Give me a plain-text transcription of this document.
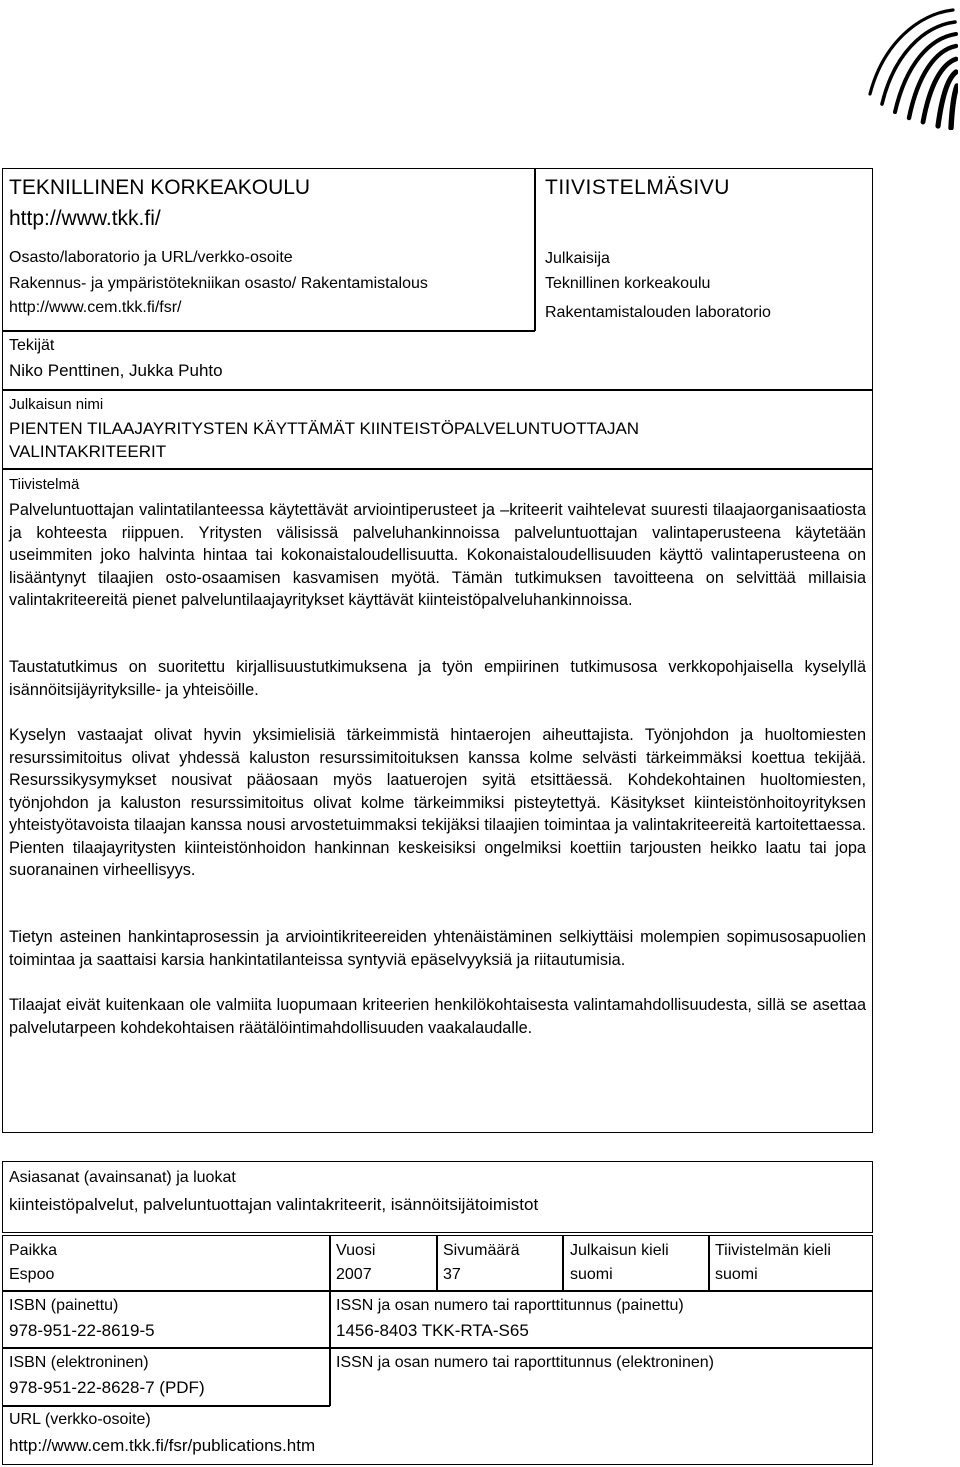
TEKNILLINEN KORKEAKOULU
http://www.tkk.fi/
Osasto/laboratorio ja URL/verkko-osoite
Rakennus- ja ympäristötekniikan osasto/ Rakentamistalous
http://www.cem.tkk.fi/fsr/
TIIVISTELMÄSIVU
Julkaisija
Teknillinen korkeakoulu
Rakentamistalouden laboratorio
Tekijät
Niko Penttinen, Jukka Puhto
Julkaisun nimi
PIENTEN TILAAJAYRITYSTEN KÄYTTÄMÄT KIINTEISTÖPALVELUNTUOTTAJAN
VALINTAKRITEERIT
Tiivistelmä
Palveluntuottajan valintatilanteessa käytettävät arviointiperusteet ja –kriteerit vaihtelevat suuresti tilaajaorganisaatiosta ja kohteesta riippuen. Yritysten välisissä palveluhankinnoissa palveluntuottajan valintaperusteena käytetään useimmiten joko halvinta hintaa tai kokonaistaloudellisuutta. Kokonaistaloudellisuuden käyttö valintaperusteena on lisääntynyt tilaajien osto-osaamisen kasvamisen myötä. Tämän tutkimuksen tavoitteena on selvittää millaisia valintakriteereitä pienet palveluntilaajayritykset käyttävät kiinteistöpalveluhankinnoissa.
Taustatutkimus on suoritettu kirjallisuustutkimuksena ja työn empiirinen tutkimusosa verkkopohjaisella kyselyllä isännöitsijäyrityksille- ja yhteisöille.
Kyselyn vastaajat olivat hyvin yksimielisiä tärkeimmistä hintaerojen aiheuttajista. Työnjohdon ja huoltomiesten resurssimitoitus olivat yhdessä kaluston resurssimitoituksen kanssa kolme selvästi tärkeimmäksi koettua tekijää. Resurssikysymykset nousivat pääosaan myös laatuerojen syitä etsittäessä. Kohdekohtainen huoltomiesten, työnjohdon ja kaluston resurssimitoitus olivat kolme tärkeimmiksi pisteytettyä. Käsitykset kiinteistönhoitoyrityksen yhteistyötavoista tilaajan kanssa nousi arvostetuimmaksi tekijäksi tilaajien toimintaa ja valintakriteereitä kartoitettaessa. Pienten tilaajayritysten kiinteistönhoidon hankinnan keskeisiksi ongelmiksi koettiin tarjousten heikko laatu tai jopa suoranainen virheellisyys.
Tietyn asteinen hankintaprosessin ja arviointikriteereiden yhtenäistäminen selkiyttäisi molempien sopimusosapuolien toimintaa ja saattaisi karsia hankintatilanteissa syntyviä epäselvyyksiä ja riitautumisia.
Tilaajat eivät kuitenkaan ole valmiita luopumaan kriteerien henkilökohtaisesta valintamahdollisuudesta, sillä se asettaa palvelutarpeen kohdekohtaisen räätälöintimahdollisuuden vaakalaudalle.
Asiasanat (avainsanat) ja luokat
kiinteistöpalvelut, palveluntuottajan valintakriteerit, isännöitsijätoimistot
Paikka
Espoo
Vuosi
2007
Sivumäärä
37
Julkaisun kieli
suomi
Tiivistelmän kieli
suomi
ISBN (painettu)
978-951-22-8619-5
ISSN ja osan numero tai raporttitunnus (painettu)
1456-8403 TKK-RTA-S65
ISBN (elektroninen)
978-951-22-8628-7 (PDF)
ISSN ja osan numero tai raporttitunnus (elektroninen)
URL (verkko-osoite)
http://www.cem.tkk.fi/fsr/publications.htm
